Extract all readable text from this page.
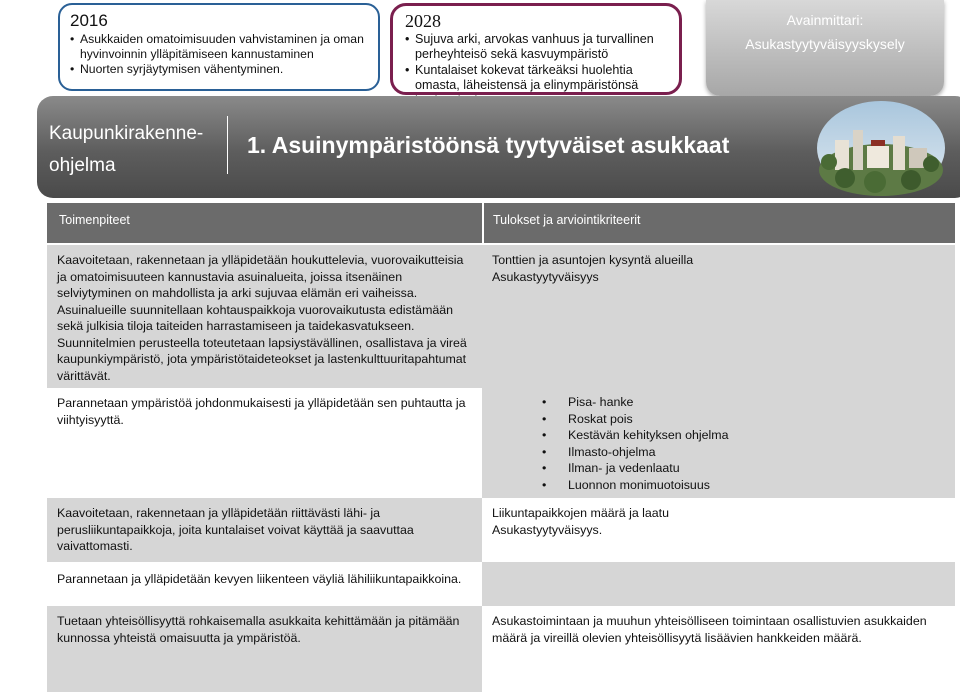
2016
• Asukkaiden omatoimisuuden vahvistaminen ja oman hyvinvoinnin ylläpitämiseen kannustaminen
• Nuorten syrjäytymisen vähentyminen.
2028
• Sujuva arki, arvokas vanhuus ja turvallinen perheyhteisö sekä kasvuympäristö
• Kuntalaiset kokevat tärkeäksi huolehtia omasta, läheistensä ja elinympäristönsä
Avainmittari:
Asukastyytyväisyyskysely
Kaupunkirakenne-
ohjelma
1. Asuinympäristöönsä tyytyväiset asukkaat
Toimenpiteet	Tulokset ja arviointikriteerit

Kaavoitetaan, rakennetaan ja ylläpidetään houkuttelevia, vuorovaikutteisia ja omatoimisuuteen kannustavia asuinalueita, joissa itsenäinen selviytyminen on mahdollista ja arki sujuvaa elämän eri vaiheissa. Asuinalueille suunnitellaan kohtauspaikkoja vuorovaikutusta edistämään sekä julkisia tiloja taiteiden harrastamiseen ja taidekasvatukseen. Suunnitelmien perusteella toteutetaan lapsiystävällinen, osallistava ja vireä kaupunkiympäristö, jota ympäristötaideteokset ja lastenkulttuuritapahtumat värittävät.

Tonttien ja asuntojen kysyntä alueilla

Asukastyytyväisyys

Parannetaan ympäristöä johdonmukaisesti ja ylläpidetään sen puhtautta ja viihtyisyyttä.

• Pisa- hanke
• Roskat pois
• Kestävän kehityksen ohjelma
• Ilmasto-ohjelma
• Ilman- ja vedenlaatu
• Luonnon monimuotoisuus

Kaavoitetaan, rakennetaan ja ylläpidetään riittävästi lähi- ja perusliikuntapaikkoja, joita kuntalaiset voivat käyttää ja saavuttaa vaivattomasti.

Liikuntapaikkojen määrä ja laatu

Asukastyytyväisyys.

Parannetaan ja ylläpidetään kevyen liikenteen väyliä lähiliikuntapaikkoina.

Tuetaan yhteisöllisyyttä rohkaisemalla asukkaita kehittämään ja pitämään kunnossa yhteistä omaisuutta ja ympäristöä.

Asukastoimintaan ja muuhun yhteisölliseen toimintaan osallistuvien asukkaiden määrä ja vireillä olevien yhteisöllisyytä lisäävien hankkeiden määrä.
